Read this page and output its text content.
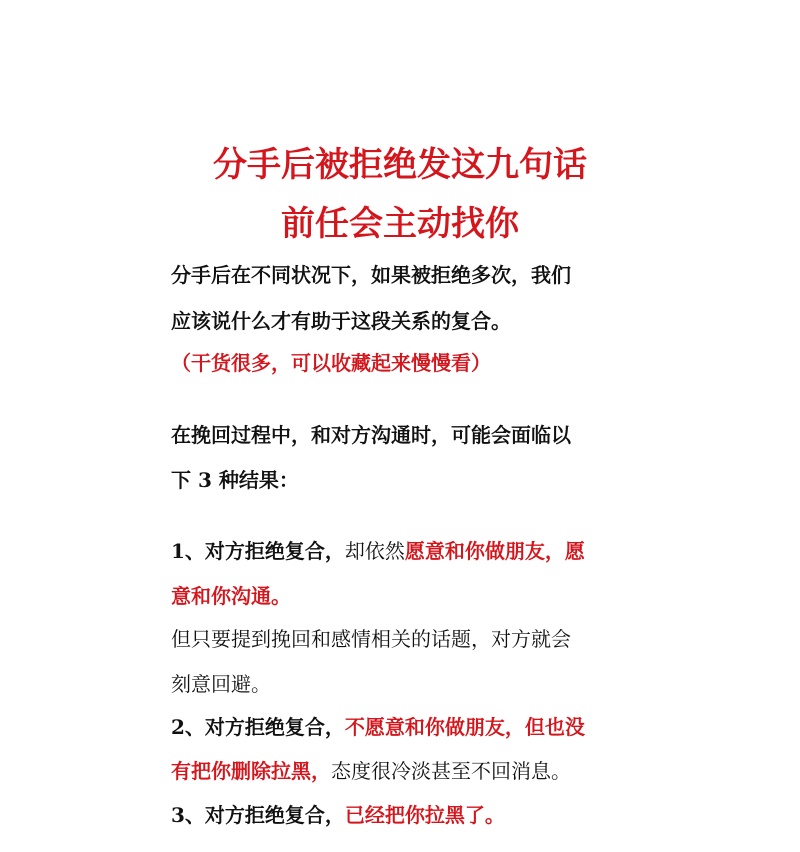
分手后被拒绝发这九句话
前任会主动找你
分手后在不同状况下，如果被拒绝多次，我们
应该说什么才有助于这段关系的复合。
（干货很多，可以收藏起来慢慢看）
在挽回过程中，和对方沟通时，可能会面临以
下 3 种结果：
1、对方拒绝复合，却依然愿意和你做朋友，愿
意和你沟通。
但只要提到挽回和感情相关的话题，对方就会
刻意回避。
2、对方拒绝复合，不愿意和你做朋友，但也没
有把你删除拉黑，态度很冷淡甚至不回消息。
3、对方拒绝复合，已经把你拉黑了。
